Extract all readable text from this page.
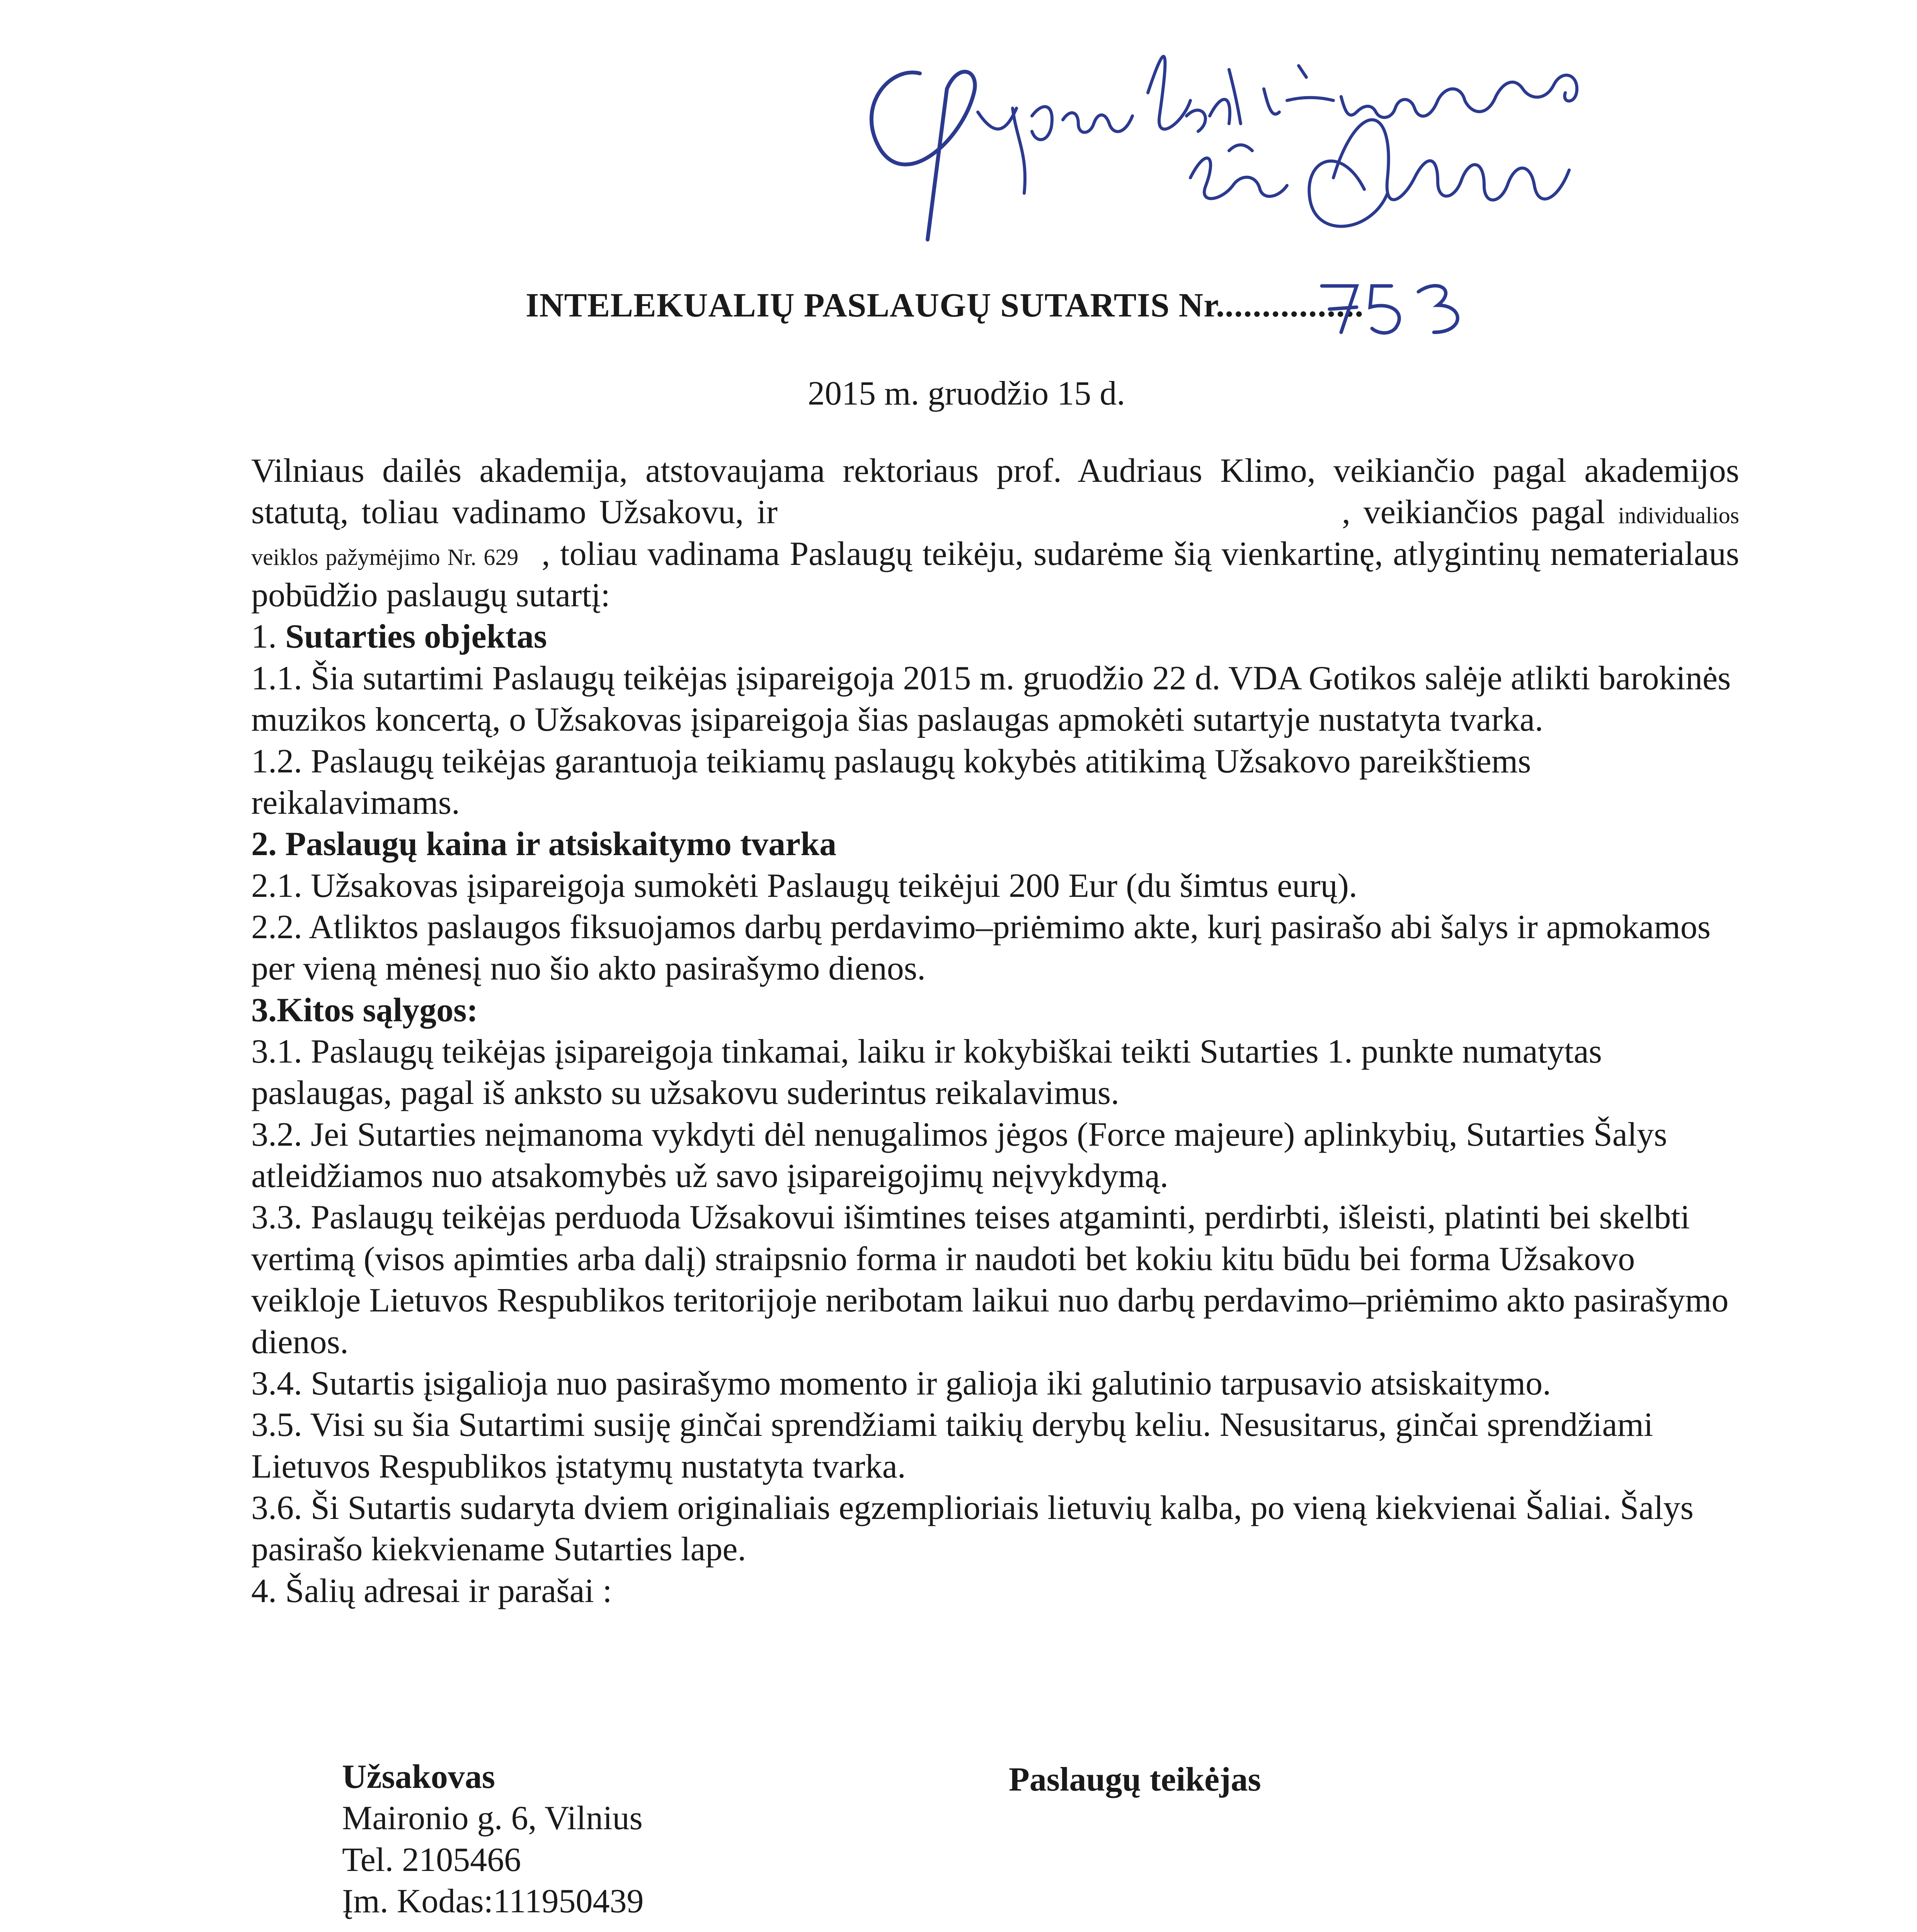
Apmokėti iš mosavų
INTELEKUALIŲ PASLAUGŲ SUTARTIS Nr................
2015 m. gruodžio 15 d.

Vilniaus dailės akademija, atstovaujama rektoriaus prof. Audriaus Klimo, veikiančio pagal akademijos statutą, toliau vadinamo Užsakovu, ir	, veikiančios pagal individualios veiklos pažymėjimo Nr. 629 , toliau vadinama Paslaugų teikėju, sudarėme šią vienkartinę, atlygintinų nematerialaus pobūdžio paslaugų sutartį:

1. Sutarties objektas

1.1. Šia sutartimi Paslaugų teikėjas įsipareigoja 2015 m. gruodžio 22 d. VDA Gotikos salėje atlikti barokinės muzikos koncertą, o Užsakovas įsipareigoja šias paslaugas apmokėti sutartyje nustatyta tvarka.

1.2. Paslaugų teikėjas garantuoja teikiamų paslaugų kokybės atitikimą Užsakovo pareikštiems reikalavimams.

2. Paslaugų kaina ir atsiskaitymo tvarka

2.1. Užsakovas įsipareigoja sumokėti Paslaugų teikėjui 200 Eur (du šimtus eurų).

2.2. Atliktos paslaugos fiksuojamos darbų perdavimo–priėmimo akte, kurį pasirašo abi šalys ir apmokamos per vieną mėnesį nuo šio akto pasirašymo dienos.

3.Kitos sąlygos:

3.1. Paslaugų teikėjas įsipareigoja tinkamai, laiku ir kokybiškai teikti Sutarties 1. punkte numatytas paslaugas, pagal iš anksto su užsakovu suderintus reikalavimus.

3.2. Jei Sutarties neįmanoma vykdyti dėl nenugalimos jėgos (Force majeure) aplinkybių, Sutarties Šalys atleidžiamos nuo atsakomybės už savo įsipareigojimų neįvykdymą.

3.3. Paslaugų teikėjas perduoda Užsakovui išimtines teises atgaminti, perdirbti, išleisti, platinti bei skelbti vertimą (visos apimties arba dalį) straipsnio forma ir naudoti bet kokiu kitu būdu bei forma Užsakovo veikloje Lietuvos Respublikos teritorijoje neribotam laikui nuo darbų perdavimo–priėmimo akto pasirašymo dienos.

3.4. Sutartis įsigalioja nuo pasirašymo momento ir galioja iki galutinio tarpusavio atsiskaitymo.

3.5. Visi su šia Sutartimi susiję ginčai sprendžiami taikių derybų keliu. Nesusitarus, ginčai sprendžiami Lietuvos Respublikos įstatymų nustatyta tvarka.

3.6. Ši Sutartis sudaryta dviem originaliais egzemplioriais lietuvių kalba, po vieną kiekvienai Šaliai. Šalys pasirašo kiekviename Sutarties lape.

4. Šalių adresai ir parašai :

Užsakovas

Maironio g. 6, Vilnius

Tel. 2105466

Įm. Kodas:111950439

Paslaugų teikėjas
